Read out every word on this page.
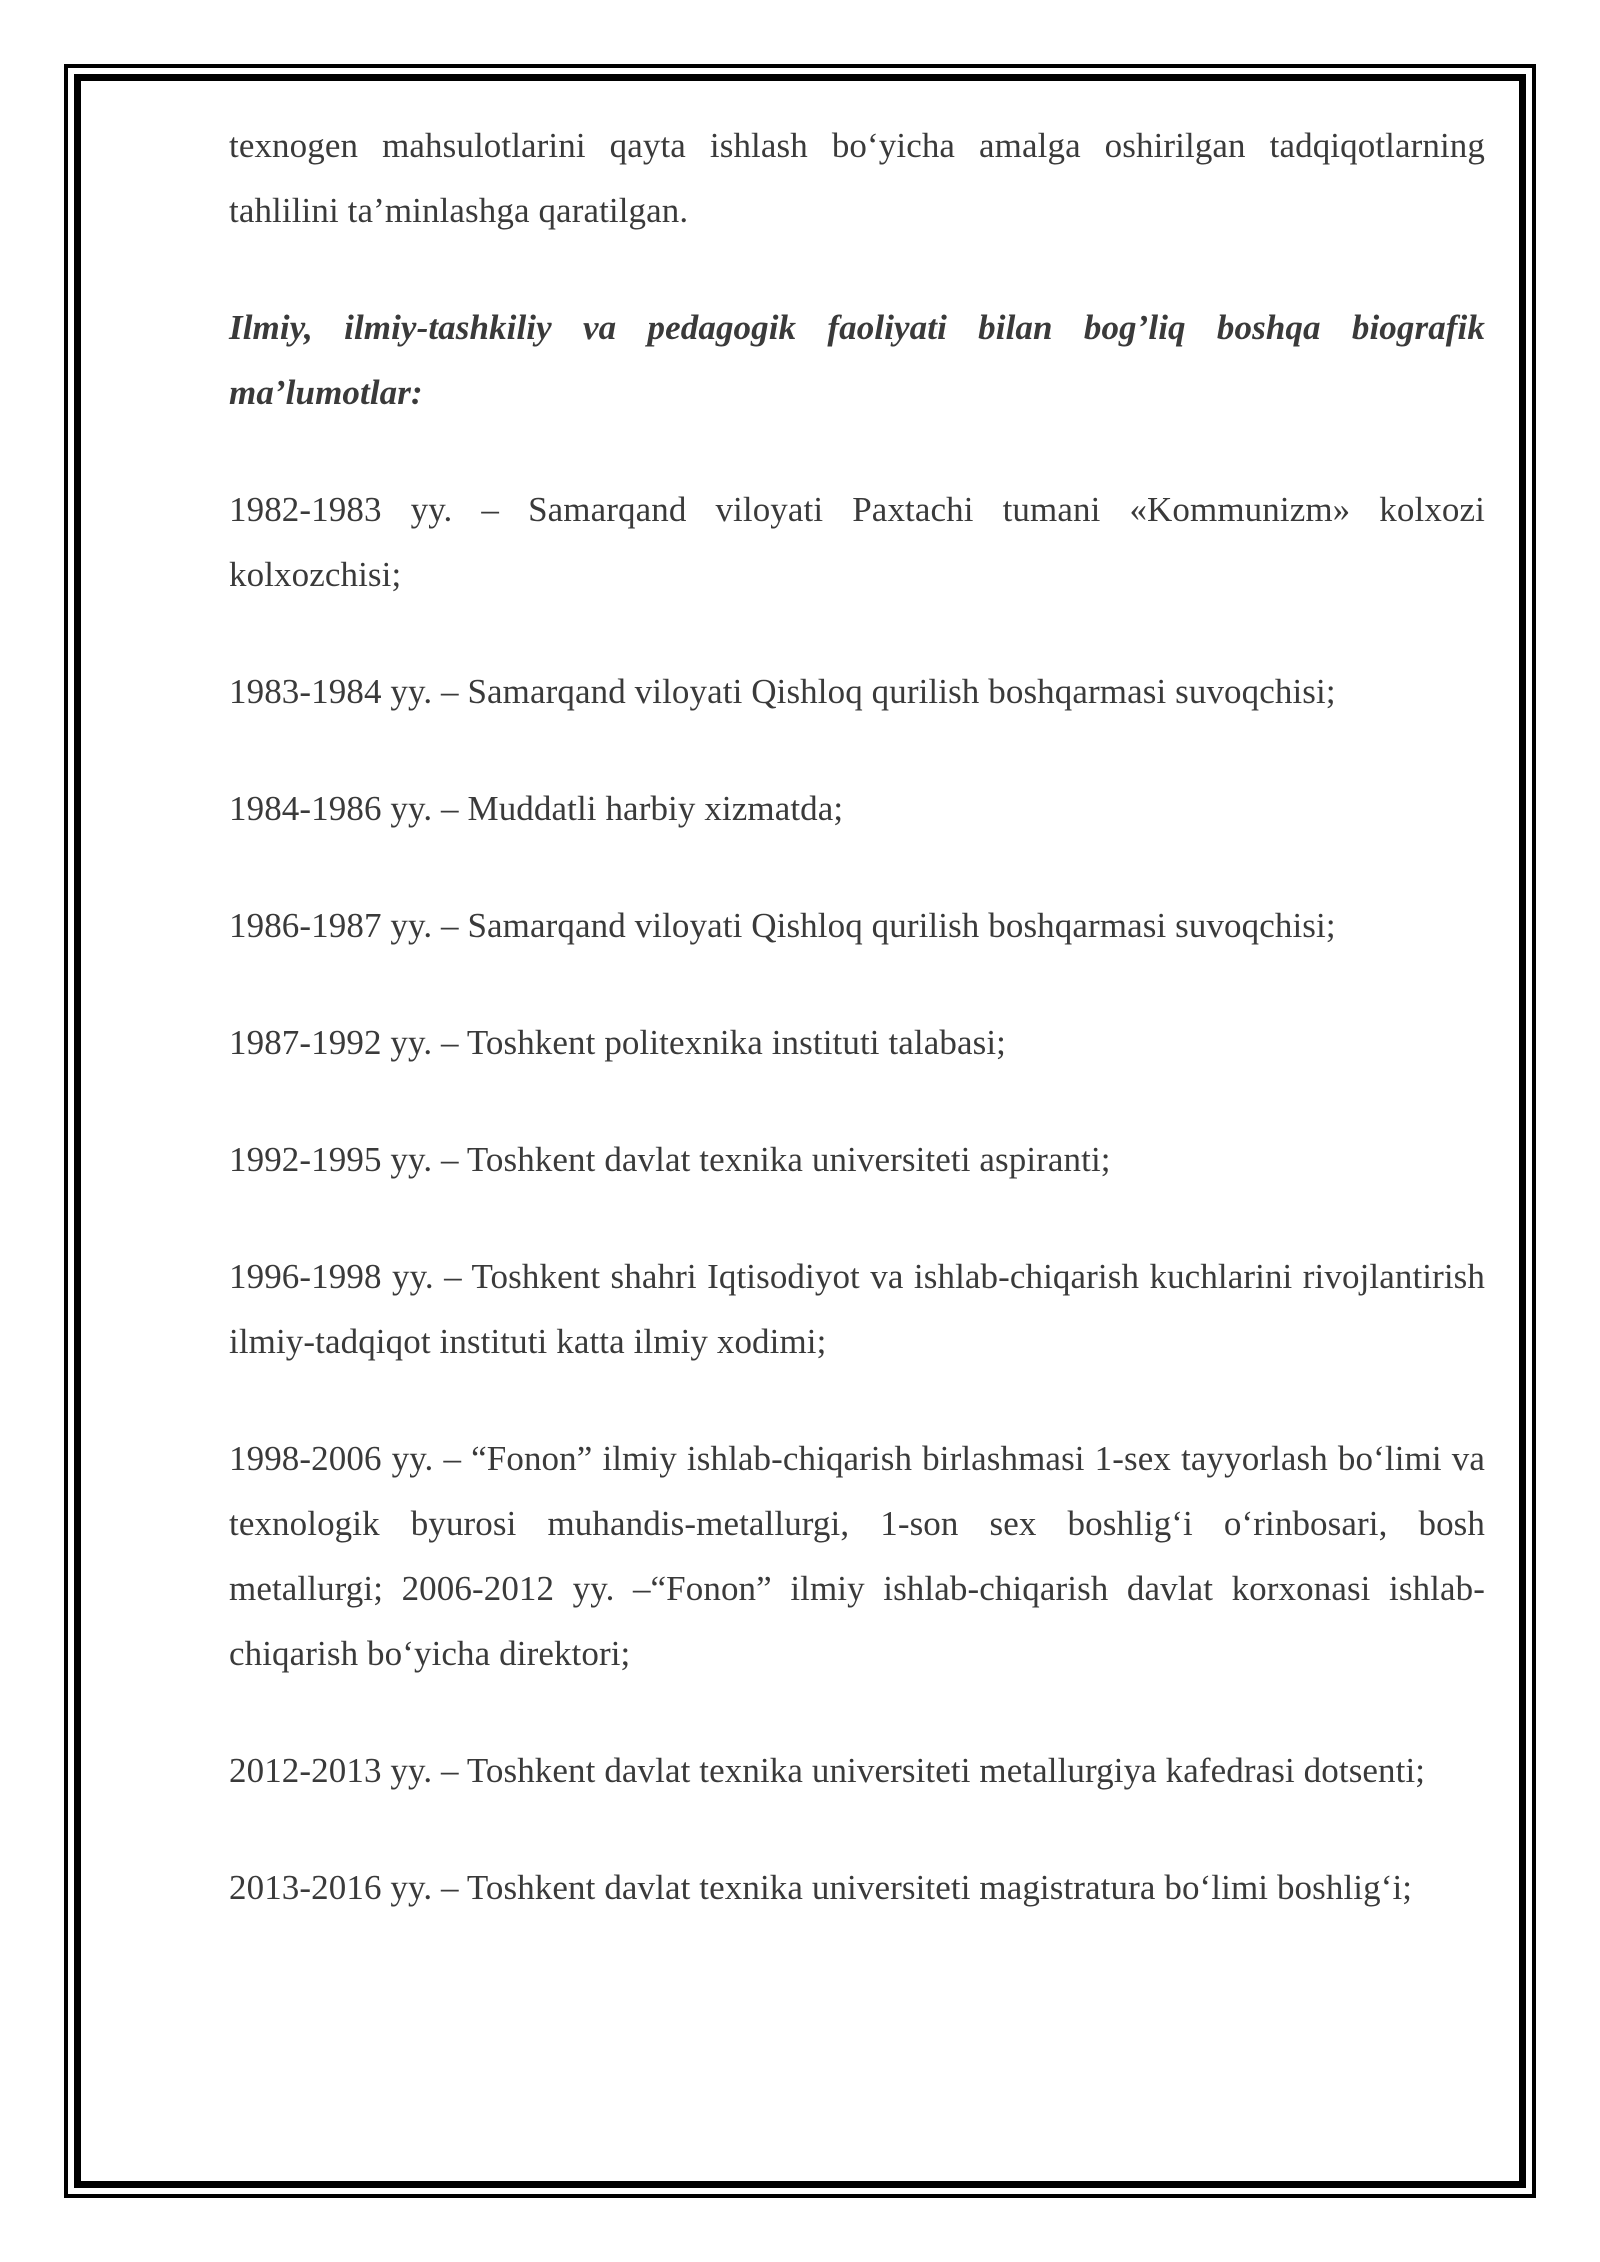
texnogen mahsulotlarini qayta ishlash bo‘yicha amalga oshirilgan tadqiqotlarning tahlilini ta’minlashga qaratilgan.

Ilmiy, ilmiy-tashkiliy va pedagogik faoliyati bilan bog’liq boshqa biografik ma’lumotlar:

1982-1983 yy. – Samarqand viloyati Paxtachi tumani «Kommunizm» kolxozi kolxozchisi;

1983-1984 yy. – Samarqand viloyati Qishloq qurilish boshqarmasi suvoqchisi;

1984-1986 yy. – Muddatli harbiy xizmatda;

1986-1987 yy. – Samarqand viloyati Qishloq qurilish boshqarmasi suvoqchisi;

1987-1992 yy. – Toshkent politexnika instituti talabasi;

1992-1995 yy. – Toshkent davlat texnika universiteti aspiranti;

1996-1998 yy. – Toshkent shahri Iqtisodiyot va ishlab-chiqarish kuchlarini rivojlantirish ilmiy-tadqiqot instituti katta ilmiy xodimi;

1998-2006 yy. – “Fonon” ilmiy ishlab-chiqarish birlashmasi 1-sex tayyorlash bo‘limi va texnologik byurosi muhandis-metallurgi, 1-son sex boshlig‘i o‘rinbosari, bosh metallurgi; 2006-2012 yy. –“Fonon” ilmiy ishlab-chiqarish davlat korxonasi ishlab-chiqarish bo‘yicha direktori;

2012-2013 yy. – Toshkent davlat texnika universiteti metallurgiya kafedrasi dotsenti;

2013-2016 yy. – Toshkent davlat texnika universiteti magistratura bo‘limi boshlig‘i;
